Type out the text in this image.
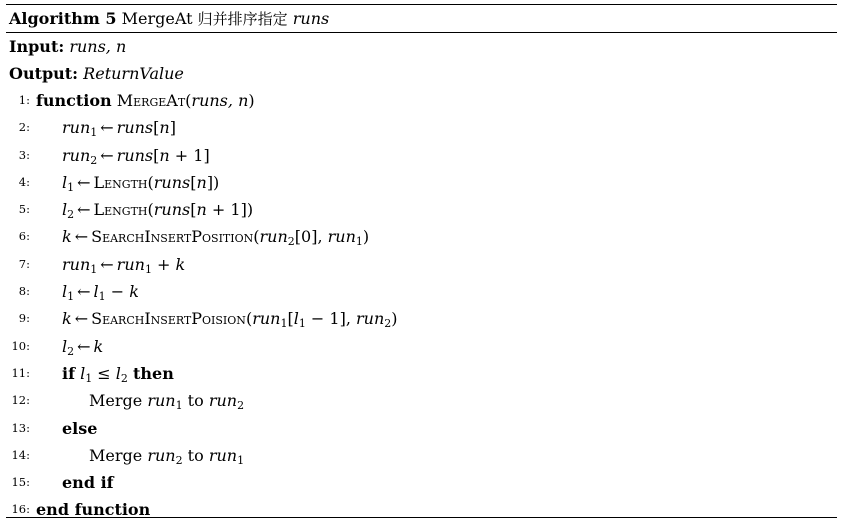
Algorithm 5 MergeAt 归并排序指定 runs
Input: runs, n
Output: ReturnValue
1: function MergeAt(runs, n)
2: run$_1$ ← runs[n]
3: run$_2$ ← runs[n + 1]
4: $l_1$ ← Length(runs[n])
5: $l_2$ ← Length(runs[n + 1])
6: k ← SearchInsertPosition(run$_2$[0], run$_1$)
7: run$_1$ ← run$_1$ + k
8: $l_1$ ← $l_1 - k$
9: k ← $SearchInsertPoision(run_1[l_1 - 1]$, run$_2$)
10: $l_2$ ← k
11: if $l_1 \le l_2$ then
12:	Merge run$_1$ to run$_2$
13: else
14:	Merge run$_2$ to run$_1$
15: end if
16: end function
